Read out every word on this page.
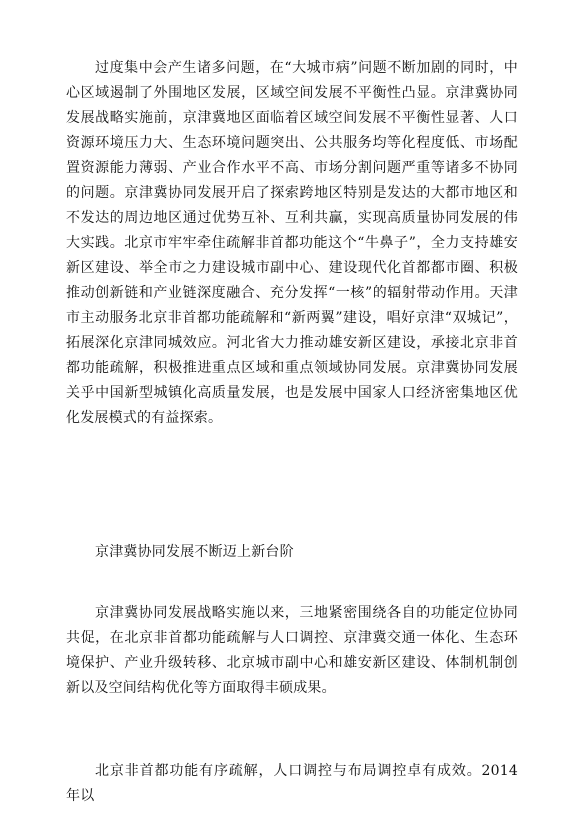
过度集中会产生诸多问题，在“大城市病”问题不断加剧的同时，中心区域遏制了外围地区发展，区域空间发展不平衡性凸显。京津冀协同发展战略实施前，京津冀地区面临着区域空间发展不平衡性显著、人口资源环境压力大、生态环境问题突出、公共服务均等化程度低、市场配置资源能力薄弱、产业合作水平不高、市场分割问题严重等诸多不协同的问题。京津冀协同发展开启了探索跨地区特别是发达的大都市地区和不发达的周边地区通过优势互补、互利共赢，实现高质量协同发展的伟大实践。北京市牢牢牵住疏解非首都功能这个“牛鼻子”，全力支持雄安新区建设、举全市之力建设城市副中心、建设现代化首都都市圈、积极推动创新链和产业链深度融合、充分发挥“一核”的辐射带动作用。天津市主动服务北京非首都功能疏解和“新两翼”建设，唱好京津“双城记”，拓展深化京津同城效应。河北省大力推动雄安新区建设，承接北京非首都功能疏解，积极推进重点区域和重点领域协同发展。京津冀协同发展关乎中国新型城镇化高质量发展，也是发展中国家人口经济密集地区优化发展模式的有益探索。

京津冀协同发展不断迈上新台阶

京津冀协同发展战略实施以来，三地紧密围绕各自的功能定位协同共促，在北京非首都功能疏解与人口调控、京津冀交通一体化、生态环境保护、产业升级转移、北京城市副中心和雄安新区建设、体制机制创新以及空间结构优化等方面取得丰硕成果。

北京非首都功能有序疏解，人口调控与布局调控卓有成效。2014 年以
